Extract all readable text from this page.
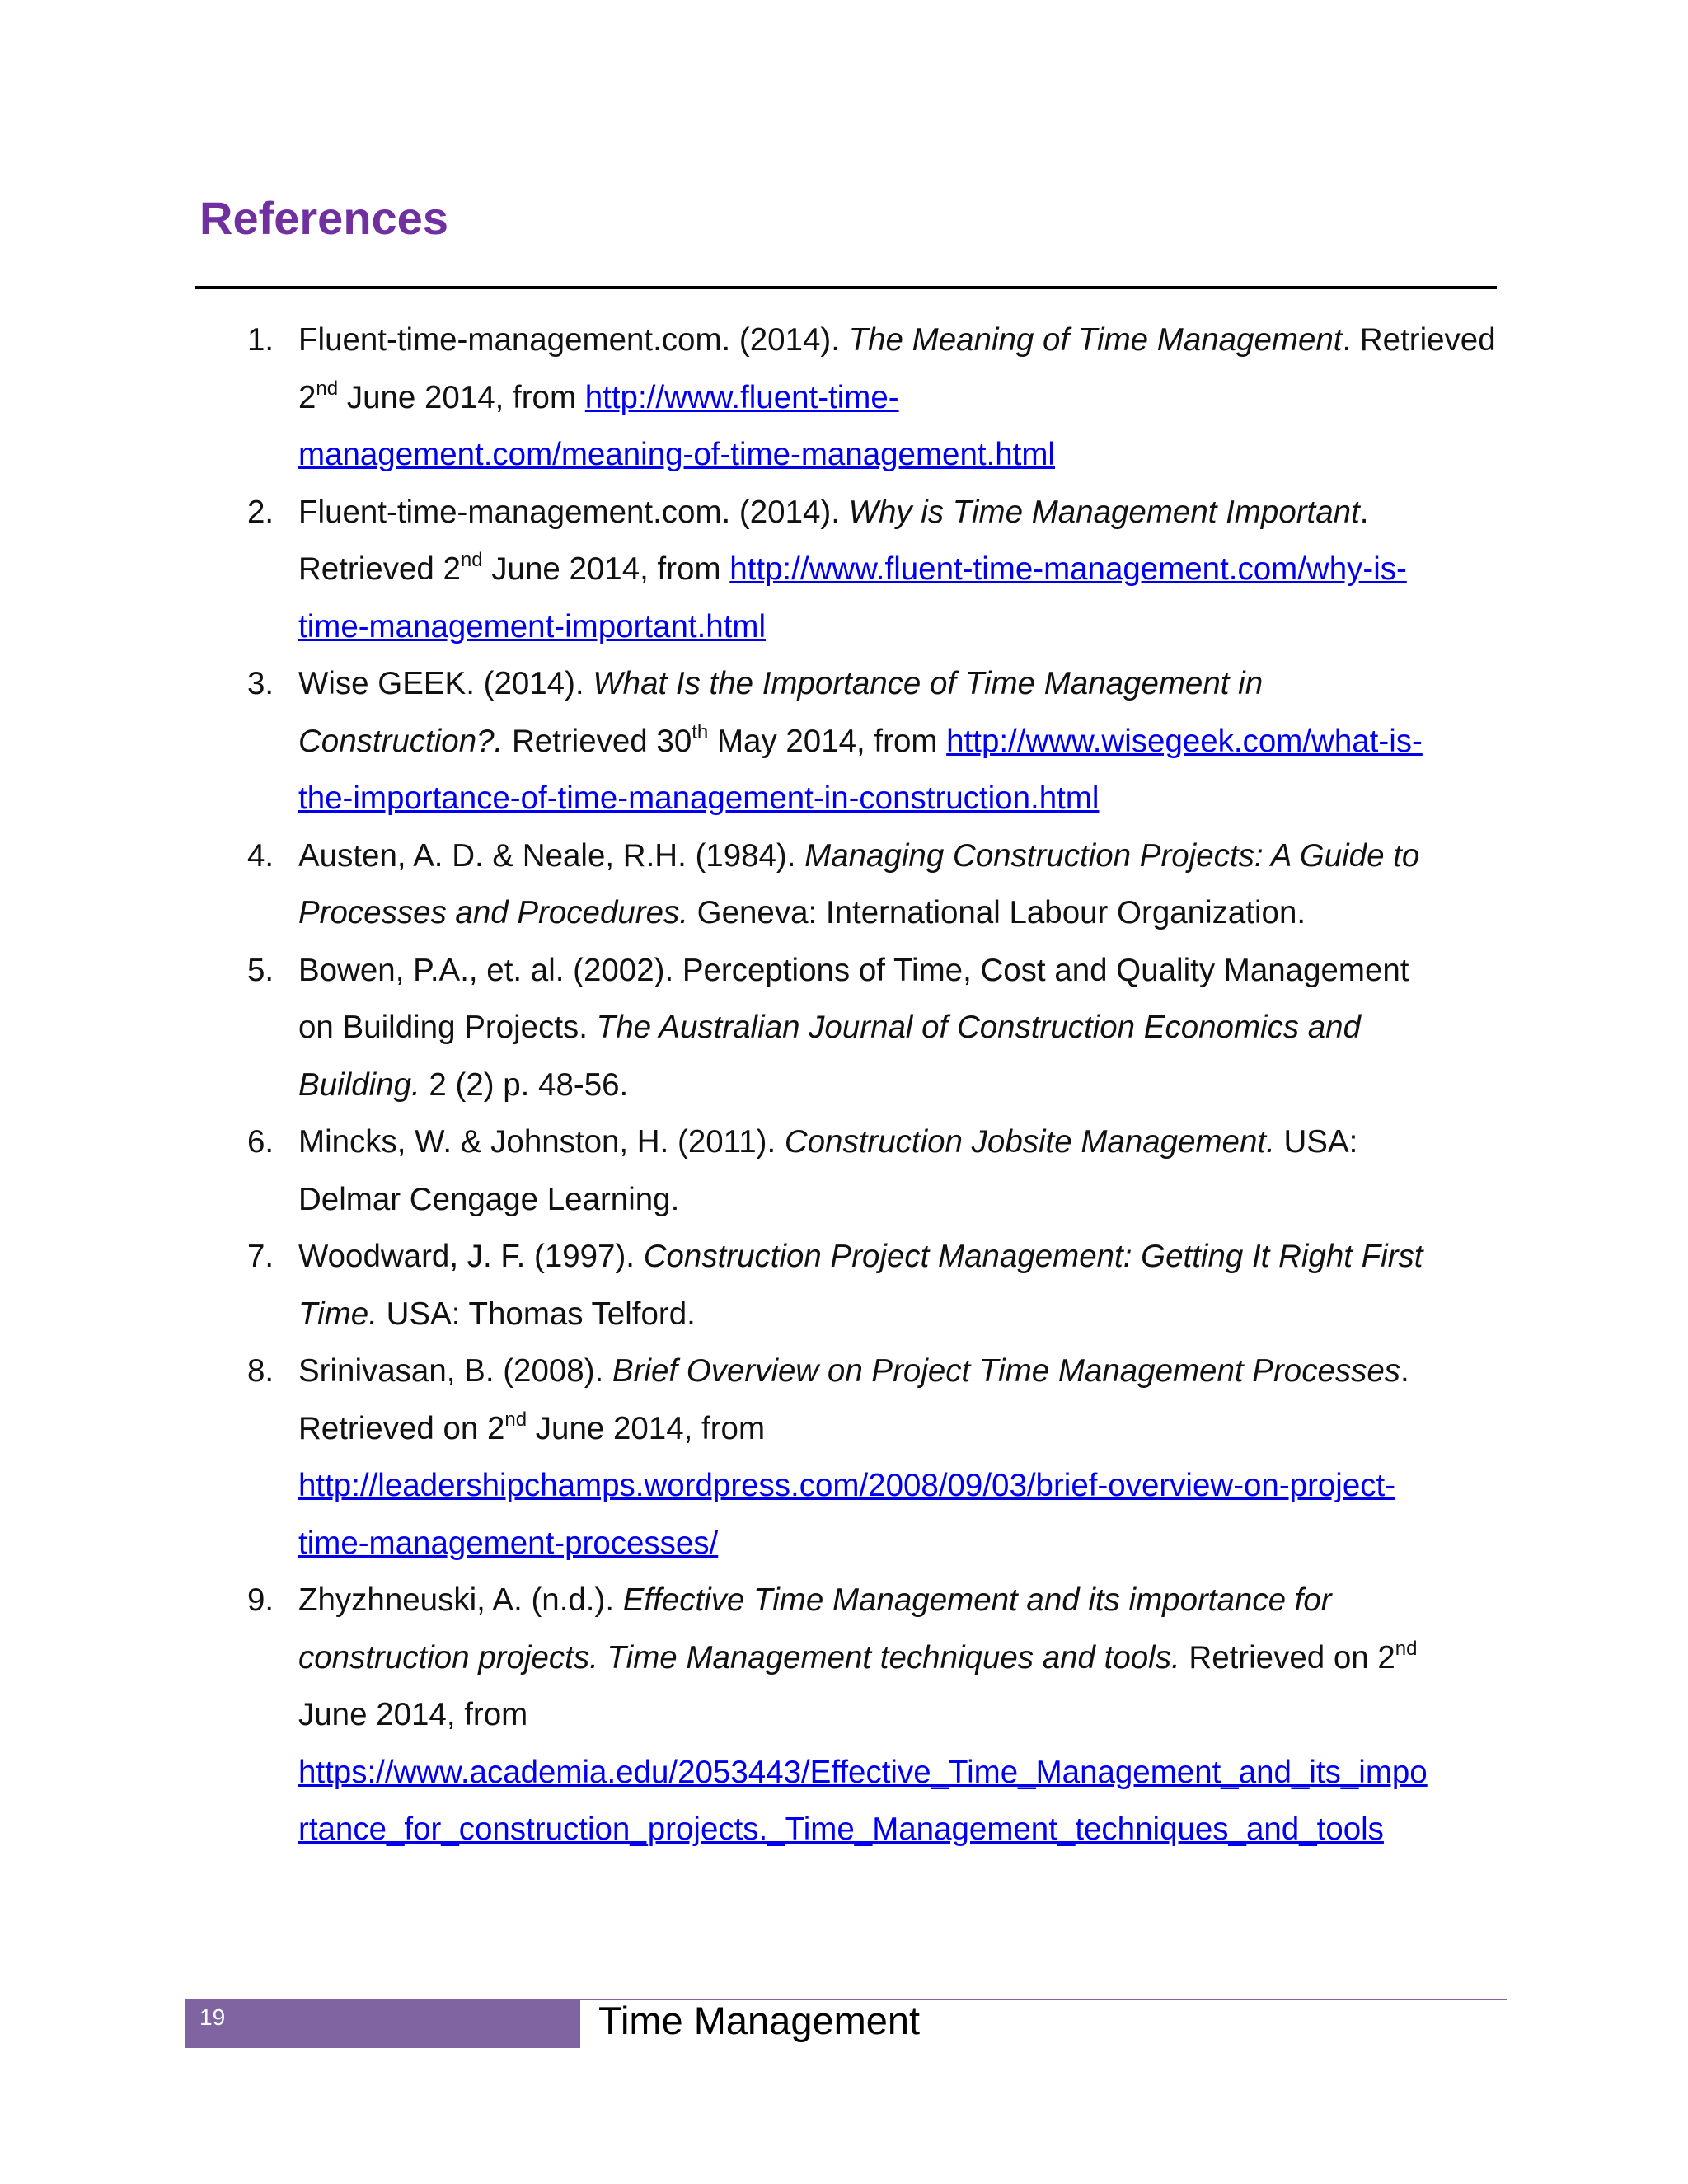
References
1. Fluent-time-management.com. (2014). The Meaning of Time Management. Retrieved 2nd June 2014, from http://www.fluent-time-
management.com/meaning-of-time-management.html
2. Fluent-time-management.com. (2014). Why is Time Management Important. Retrieved 2nd June 2014, from http://www.fluent-time-management.com/why-is-
time-management-important.html
3. Wise GEEK. (2014). What Is the Importance of Time Management in
Construction?. Retrieved 30th May 2014, from http://www.wisegeek.com/what-is-
the-importance-of-time-management-in-construction.html
4. Austen, A. D. & Neale, R.H. (1984). Managing Construction Projects: A Guide to
Processes and Procedures. Geneva: International Labour Organization.
5. Bowen, P.A., et. al. (2002). Perceptions of Time, Cost and Quality Management
on Building Projects. The Australian Journal of Construction Economics and
Building. 2 (2) p. 48-56.
6. Mincks, W. & Johnston, H. (2011). Construction Jobsite Management. USA:
Delmar Cengage Learning.
7. Woodward, J. F. (1997). Construction Project Management: Getting It Right First
Time. USA: Thomas Telford.
8. Srinivasan, B. (2008). Brief Overview on Project Time Management Processes.
Retrieved on 2nd June 2014, from
http://leadershipchamps.wordpress.com/2008/09/03/brief-overview-on-project-
time-management-processes/
9. Zhyzhneuski, A. (n.d.). Effective Time Management and its importance for
construction projects. Time Management techniques and tools. Retrieved on 2nd
June 2014, from
https://www.academia.edu/2053443/Effective_Time_Management_and_its_impo
rtance_for_construction_projects._Time_Management_techniques_and_tools
19	Time Management
